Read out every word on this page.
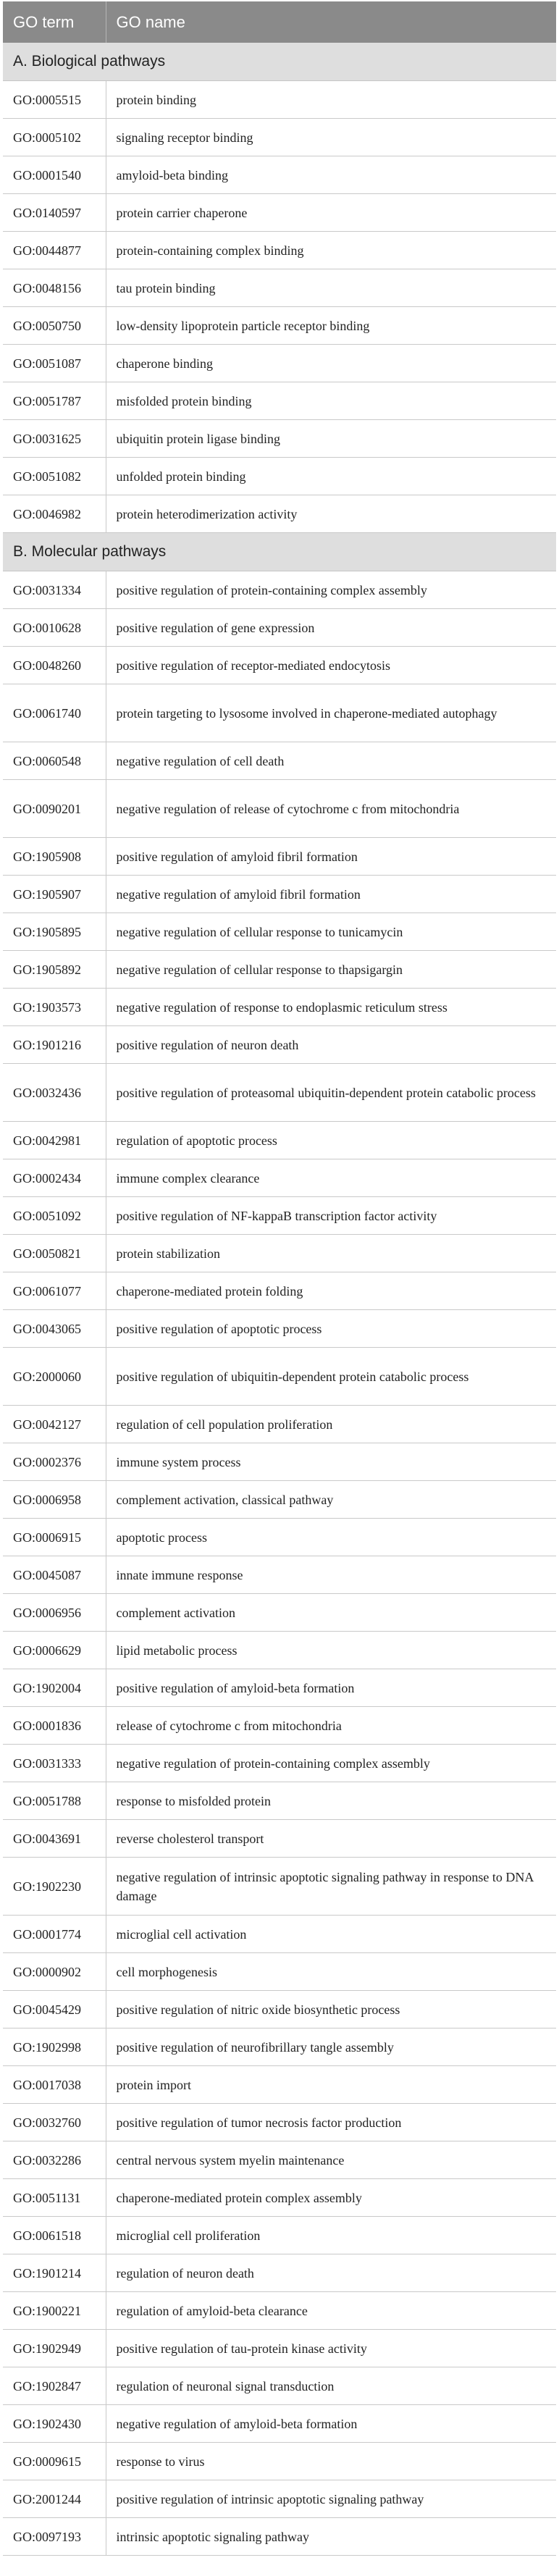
GO term	GO name
A. Biological pathways	
GO:0005515	protein binding
GO:0005102	signaling receptor binding
GO:0001540	amyloid-beta binding
GO:0140597	protein carrier chaperone
GO:0044877	protein-containing complex binding
GO:0048156	tau protein binding
GO:0050750	low-density lipoprotein particle receptor binding
GO:0051087	chaperone binding
GO:0051787	misfolded protein binding
GO:0031625	ubiquitin protein ligase binding
GO:0051082	unfolded protein binding
GO:0046982	protein heterodimerization activity
B. Molecular pathways	
GO:0031334	positive regulation of protein-containing complex assembly
GO:0010628	positive regulation of gene expression
GO:0048260	positive regulation of receptor-mediated endocytosis
GO:0061740	protein targeting to lysosome involved in chaperone-mediated autophagy
GO:0060548	negative regulation of cell death
GO:0090201	negative regulation of release of cytochrome c from mitochondria
GO:1905908	positive regulation of amyloid fibril formation
GO:1905907	negative regulation of amyloid fibril formation
GO:1905895	negative regulation of cellular response to tunicamycin
GO:1905892	negative regulation of cellular response to thapsigargin
GO:1903573	negative regulation of response to endoplasmic reticulum stress
GO:1901216	positive regulation of neuron death
GO:0032436	positive regulation of proteasomal ubiquitin-dependent protein catabolic process
GO:0042981	regulation of apoptotic process
GO:0002434	immune complex clearance
GO:0051092	positive regulation of NF-kappaB transcription factor activity
GO:0050821	protein stabilization
GO:0061077	chaperone-mediated protein folding
GO:0043065	positive regulation of apoptotic process
GO:2000060	positive regulation of ubiquitin-dependent protein catabolic process
GO:0042127	regulation of cell population proliferation
GO:0002376	immune system process
GO:0006958	complement activation, classical pathway
GO:0006915	apoptotic process
GO:0045087	innate immune response
GO:0006956	complement activation
GO:0006629	lipid metabolic process
GO:1902004	positive regulation of amyloid-beta formation
GO:0001836	release of cytochrome c from mitochondria
GO:0031333	negative regulation of protein-containing complex assembly
GO:0051788	response to misfolded protein
GO:0043691	reverse cholesterol transport
GO:1902230	negative regulation of intrinsic apoptotic signaling pathway in response to DNA damage
GO:0001774	microglial cell activation
GO:0000902	cell morphogenesis
GO:0045429	positive regulation of nitric oxide biosynthetic process
GO:1902998	positive regulation of neurofibrillary tangle assembly
GO:0017038	protein import
GO:0032760	positive regulation of tumor necrosis factor production
GO:0032286	central nervous system myelin maintenance
GO:0051131	chaperone-mediated protein complex assembly
GO:0061518	microglial cell proliferation
GO:1901214	regulation of neuron death
GO:1900221	regulation of amyloid-beta clearance
GO:1902949	positive regulation of tau-protein kinase activity
GO:1902847	regulation of neuronal signal transduction
GO:1902430	negative regulation of amyloid-beta formation
GO:0009615	response to virus
GO:2001244	positive regulation of intrinsic apoptotic signaling pathway
GO:0097193	intrinsic apoptotic signaling pathway
